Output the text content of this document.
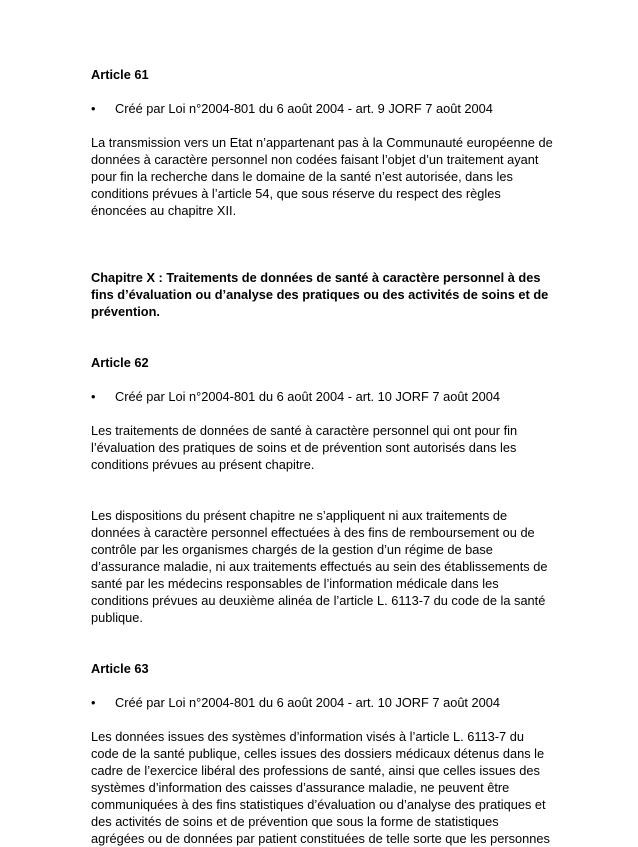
Article 61

•	Créé par Loi n°2004-801 du 6 août 2004 - art. 9 JORF 7 août 2004

La transmission vers un Etat n’appartenant pas à la Communauté européenne de données à caractère personnel non codées faisant l’objet d’un traitement ayant pour fin la recherche dans le domaine de la santé n’est autorisée, dans les conditions prévues à l’article 54, que sous réserve du respect des règles énoncées au chapitre XII.

Chapitre X : Traitements de données de santé à caractère personnel à des fins d’évaluation ou d’analyse des pratiques ou des activités de soins et de prévention.

Article 62

•	Créé par Loi n°2004-801 du 6 août 2004 - art. 10 JORF 7 août 2004

Les traitements de données de santé à caractère personnel qui ont pour fin l’évaluation des pratiques de soins et de prévention sont autorisés dans les conditions prévues au présent chapitre.

Les dispositions du présent chapitre ne s’appliquent ni aux traitements de données à caractère personnel effectuées à des fins de remboursement ou de contrôle par les organismes chargés de la gestion d’un régime de base d’assurance maladie, ni aux traitements effectués au sein des établissements de santé par les médecins responsables de l’information médicale dans les conditions prévues au deuxième alinéa de l’article L. 6113-7 du code de la santé publique.

Article 63

•	Créé par Loi n°2004-801 du 6 août 2004 - art. 10 JORF 7 août 2004

Les données issues des systèmes d’information visés à l’article L. 6113-7 du code de la santé publique, celles issues des dossiers médicaux détenus dans le cadre de l’exercice libéral des professions de santé, ainsi que celles issues des systèmes d’information des caisses d’assurance maladie, ne peuvent être communiquées à des fins statistiques d’évaluation ou d’analyse des pratiques et des activités de soins et de prévention que sous la forme de statistiques agrégées ou de données par patient constituées de telle sorte que les personnes
